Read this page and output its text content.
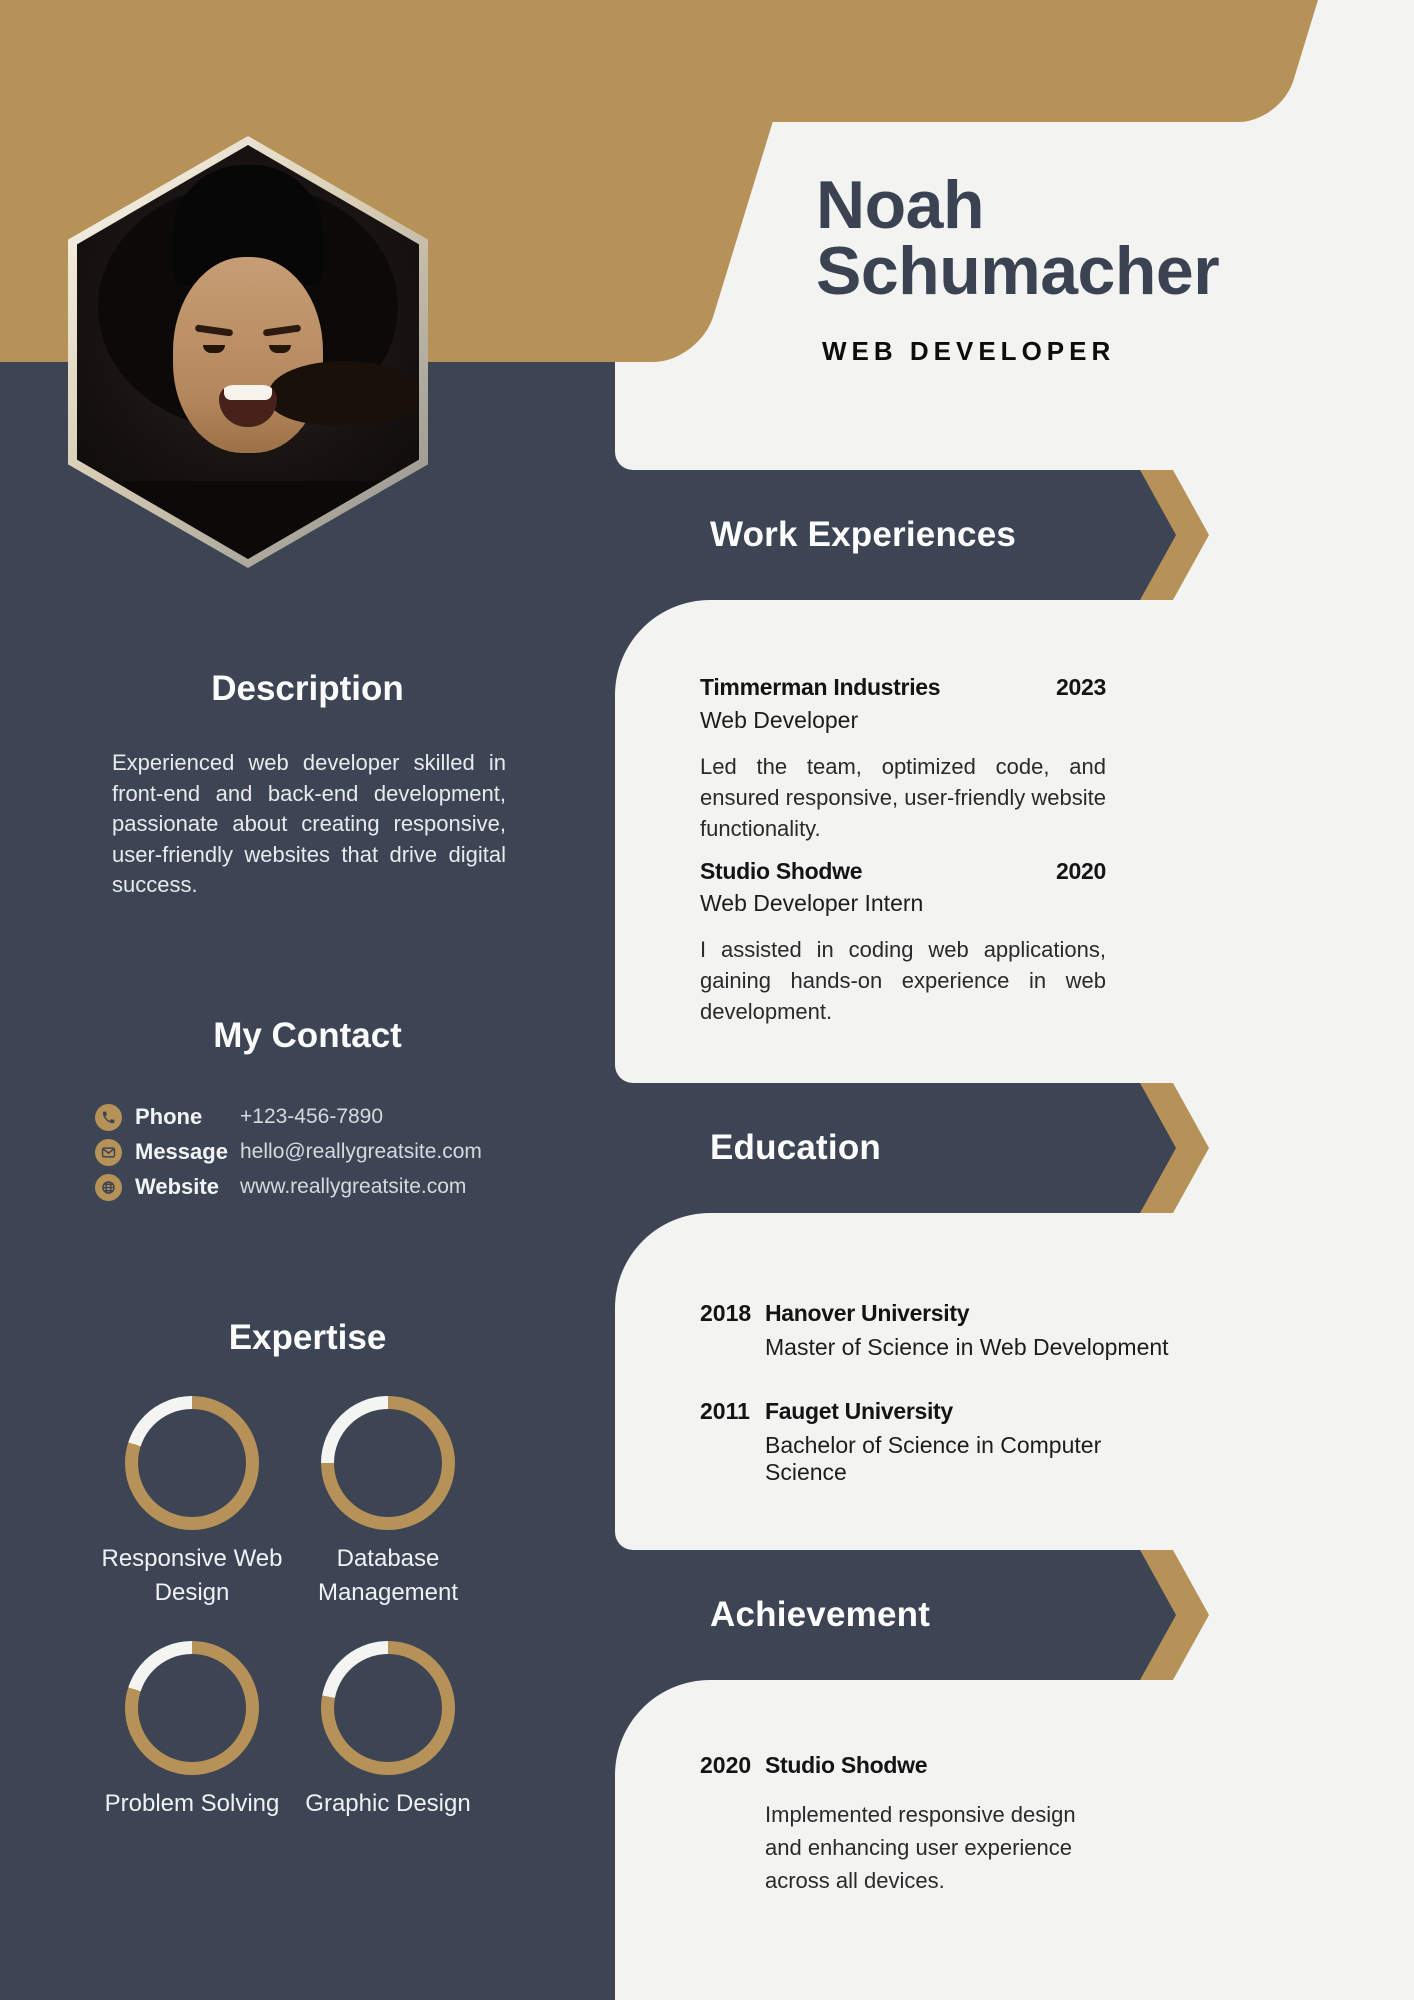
Noah
Schumacher
WEB DEVELOPER
Work Experiences
Education
Achievement
Description
Experienced web developer skilled in front-end and back-end development, passionate about creating responsive, user-friendly websites that drive digital success.
My Contact
Phone	+123-456-7890
Message hello@reallygreatsite.com
Website	www.reallygreatsite.com
Expertise
Responsive Web Design
Database Management
Problem Solving	Graphic Design
Timmerman Industries	2023
Web Developer
Led the team, optimized code, and ensured responsive, user-friendly website functionality.
Studio Shodwe	2020
Web Developer Intern
I assisted in coding web applications, gaining hands-on experience in web development.
2018 Hanover University
Master of Science in Web Development
2011 Fauget University
Bachelor of Science in Computer Science
2020 Studio Shodwe
Implemented responsive design and enhancing user experience across all devices.
